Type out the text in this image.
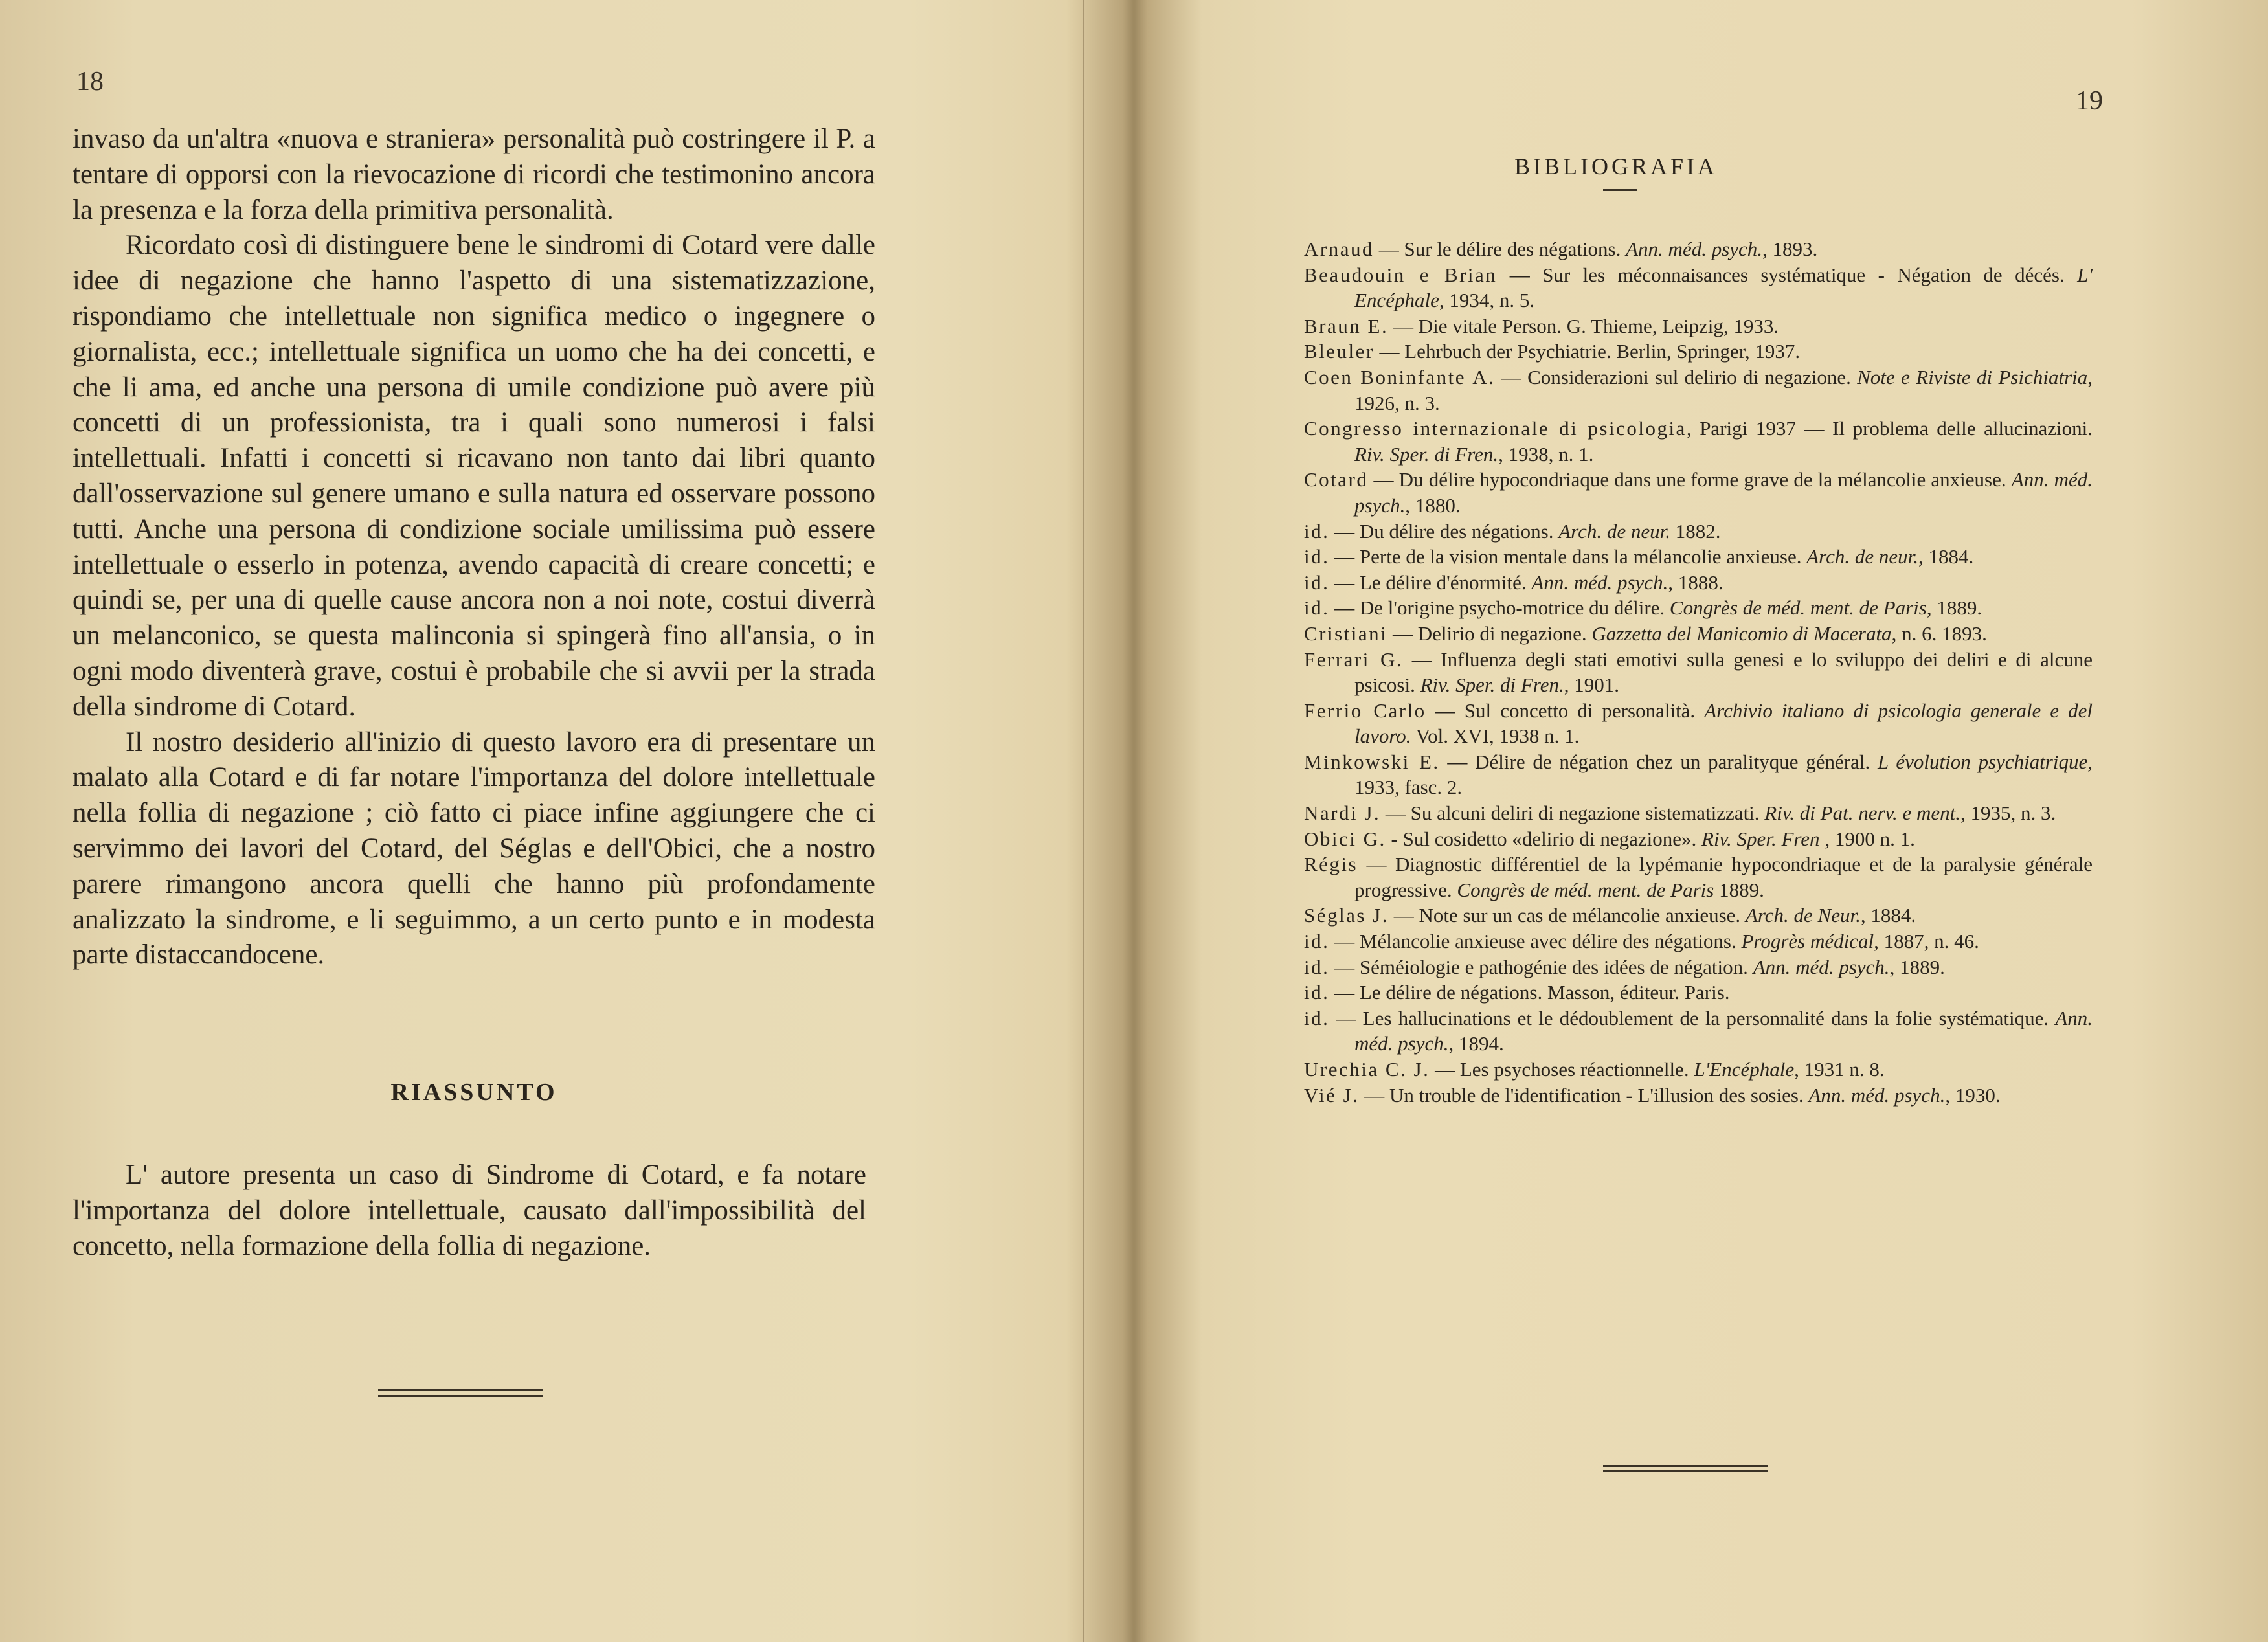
18

invaso da un'altra «nuova e straniera» personalità può costringere il P. a tentare di opporsi con la rievocazione di ricordi che testimonino ancora la presenza e la forza della primitiva personalità.

Ricordato così di distinguere bene le sindromi di Cotard vere dalle idee di negazione che hanno l'aspetto di una sistematizzazione, rispondiamo che intellettuale non significa medico o ingegnere o giornalista, ecc.; intellettuale significa un uomo che ha dei concetti, e che li ama, ed anche una persona di umile condizione può avere più concetti di un professionista, tra i quali sono numerosi i falsi intellettuali. Infatti i concetti si ricavano non tanto dai libri quanto dall'osservazione sul genere umano e sulla natura ed osservare possono tutti. Anche una persona di condizione sociale umilissima può essere intellettuale o esserlo in potenza, avendo capacità di creare concetti; e quindi se, per una di quelle cause ancora non a noi note, costui diverrà un melanconico, se questa malinconia si spingerà fino all'ansia, o in ogni modo diventerà grave, costui è probabile che si avvii per la strada della sindrome di Cotard.

Il nostro desiderio all'inizio di questo lavoro era di presentare un malato alla Cotard e di far notare l'importanza del dolore intellettuale nella follia di negazione ; ciò fatto ci piace infine aggiungere che ci servimmo dei lavori del Cotard, del Séglas e dell'Obici, che a nostro parere rimangono ancora quelli che hanno più profondamente analizzato la sindrome, e li seguimmo, a un certo punto e in modesta parte distaccandocene.

RIASSUNTO

L' autore presenta un caso di Sindrome di Cotard, e fa notare l'importanza del dolore intellettuale, causato dall'impossibilità del concetto, nella formazione della follia di negazione.

19
BIBLIOGRAFIA

Arnaud — Sur le délire des négations. Ann. méd. psych., 1893.

Beaudouin e Brian — Sur les méconnaisances systématique - Négation de décés. L' Encéphale, 1934, n. 5.

Braun E. — Die vitale Person. G. Thieme, Leipzig, 1933.

Bleuler — Lehrbuch der Psychiatrie. Berlin, Springer, 1937.

Coen Boninfante A. — Considerazioni sul delirio di negazione. Note e Riviste di Psichiatria, 1926, n. 3.

Congresso internazionale di psicologia, Parigi 1937 — Il problema delle allucinazioni. Riv. Sper. di Fren., 1938, n. 1.

Cotard — Du délire hypocondriaque dans une forme grave de la mélancolie anxieuse. Ann. méd. psych., 1880.

id. — Du délire des négations. Arch. de neur. 1882.

id. — Perte de la vision mentale dans la mélancolie anxieuse. Arch. de neur., 1884.

id. — Le délire d'énormité. Ann. méd. psych., 1888.

id. — De l'origine psycho-motrice du délire. Congrès de méd. ment. de Paris, 1889.

Cristiani — Delirio di negazione. Gazzetta del Manicomio di Macerata, n. 6. 1893.

Ferrari G. — Influenza degli stati emotivi sulla genesi e lo sviluppo dei deliri e di alcune psicosi. Riv. Sper. di Fren., 1901.

Ferrio Carlo — Sul concetto di personalità. Archivio italiano di psicologia generale e del lavoro. Vol. XVI, 1938 n. 1.

Minkowski E. — Délire de négation chez un paralityque général. L évolution psychiatrique, 1933, fasc. 2.

Nardi J. — Su alcuni deliri di negazione sistematizzati. Riv. di Pat. nerv. e ment., 1935, n. 3.

Obici G. - Sul cosidetto «delirio di negazione». Riv. Sper. Fren , 1900 n. 1.

Régis — Diagnostic différentiel de la lypémanie hypocondriaque et de la paralysie générale progressive. Congrès de méd. ment. de Paris 1889.

Séglas J. — Note sur un cas de mélancolie anxieuse. Arch. de Neur., 1884.

id. — Mélancolie anxieuse avec délire des négations. Progrès médical, 1887, n. 46.

id. — Séméiologie e pathogénie des idées de négation. Ann. méd. psych., 1889.

id. — Le délire de négations. Masson, éditeur. Paris.

id. — Les hallucinations et le dédoublement de la personnalité dans la folie systématique. Ann. méd. psych., 1894.

Urechia C. J. — Les psychoses réactionnelle. L'Encéphale, 1931 n. 8.

Vié J. — Un trouble de l'identification - L'illusion des sosies. Ann. méd. psych., 1930.
